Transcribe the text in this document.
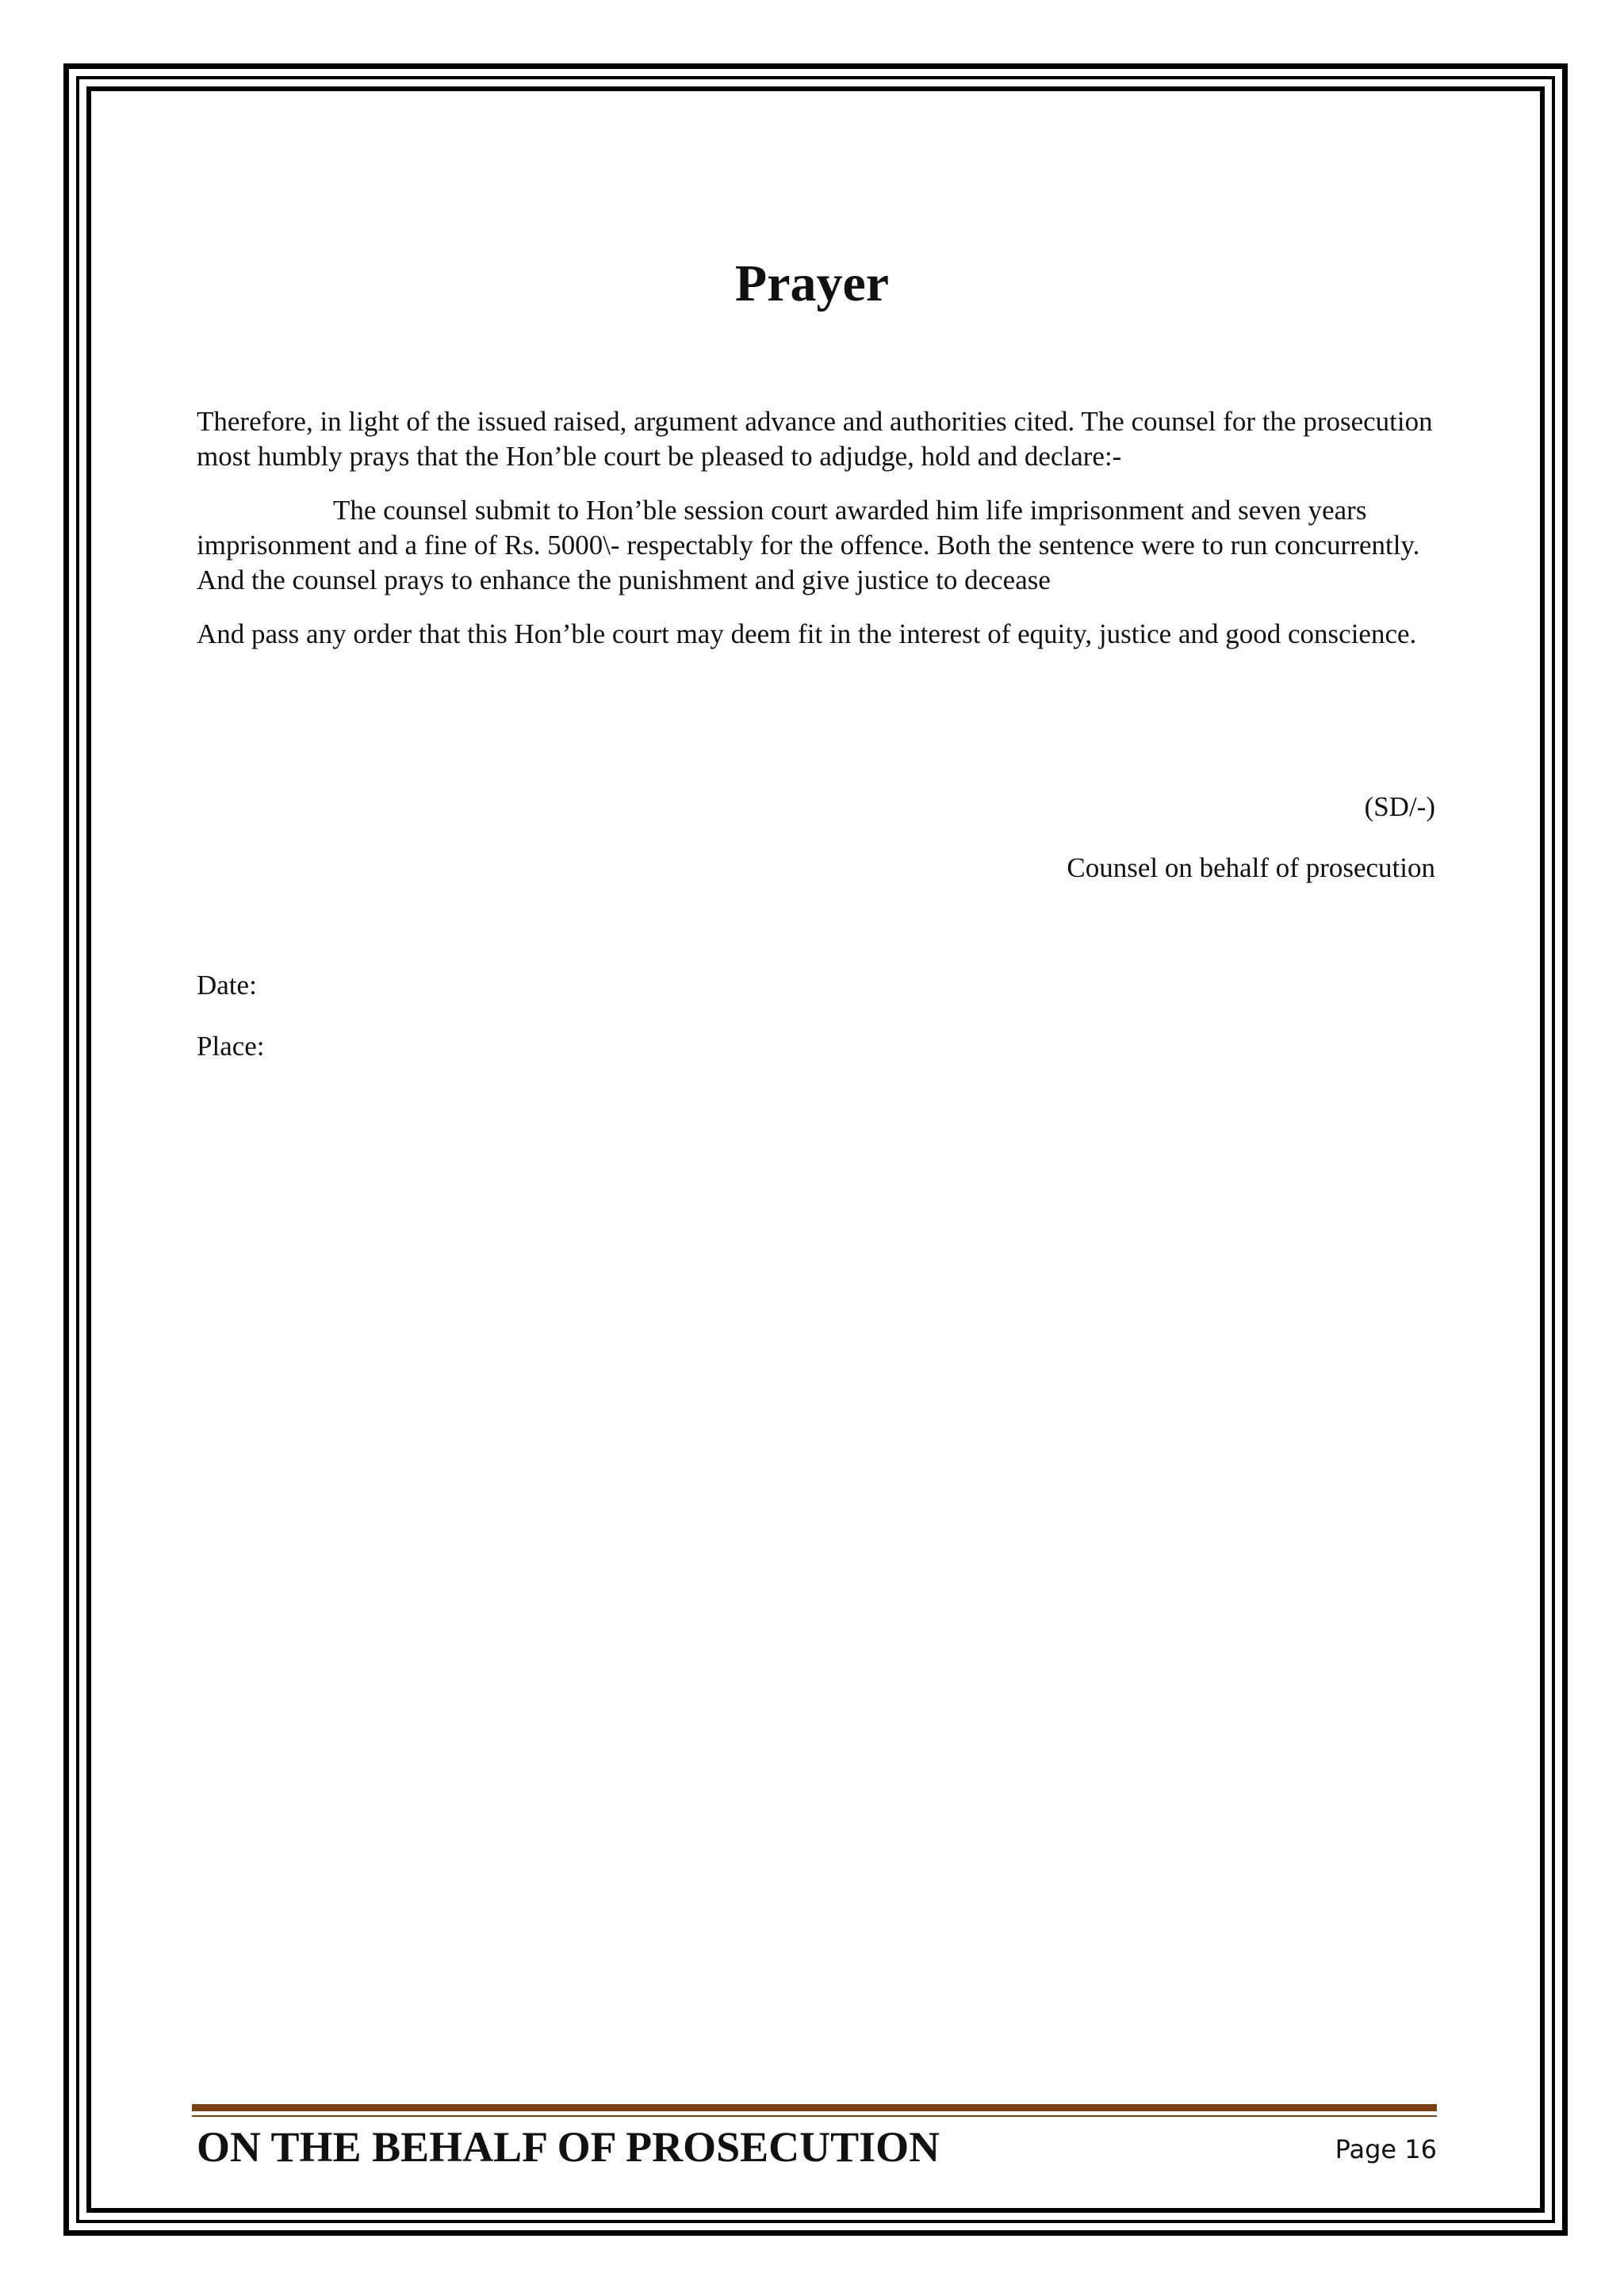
Prayer

Therefore, in light of the issued raised, argument advance and authorities cited. The counsel for the prosecution most humbly prays that the Hon’ble court be pleased to adjudge, hold and declare:-

The counsel submit to Hon’ble session court awarded him life imprisonment and seven years imprisonment and a fine of Rs. 5000\- respectably for the offence. Both the sentence were to run concurrently. And the counsel prays to enhance the punishment and give justice to decease

And pass any order that this Hon’ble court may deem fit in the interest of equity, justice and good conscience.

(SD/-)
Counsel on behalf of prosecution
Date:
Place:
ON THE BEHALF OF PROSECUTION	Page 16
